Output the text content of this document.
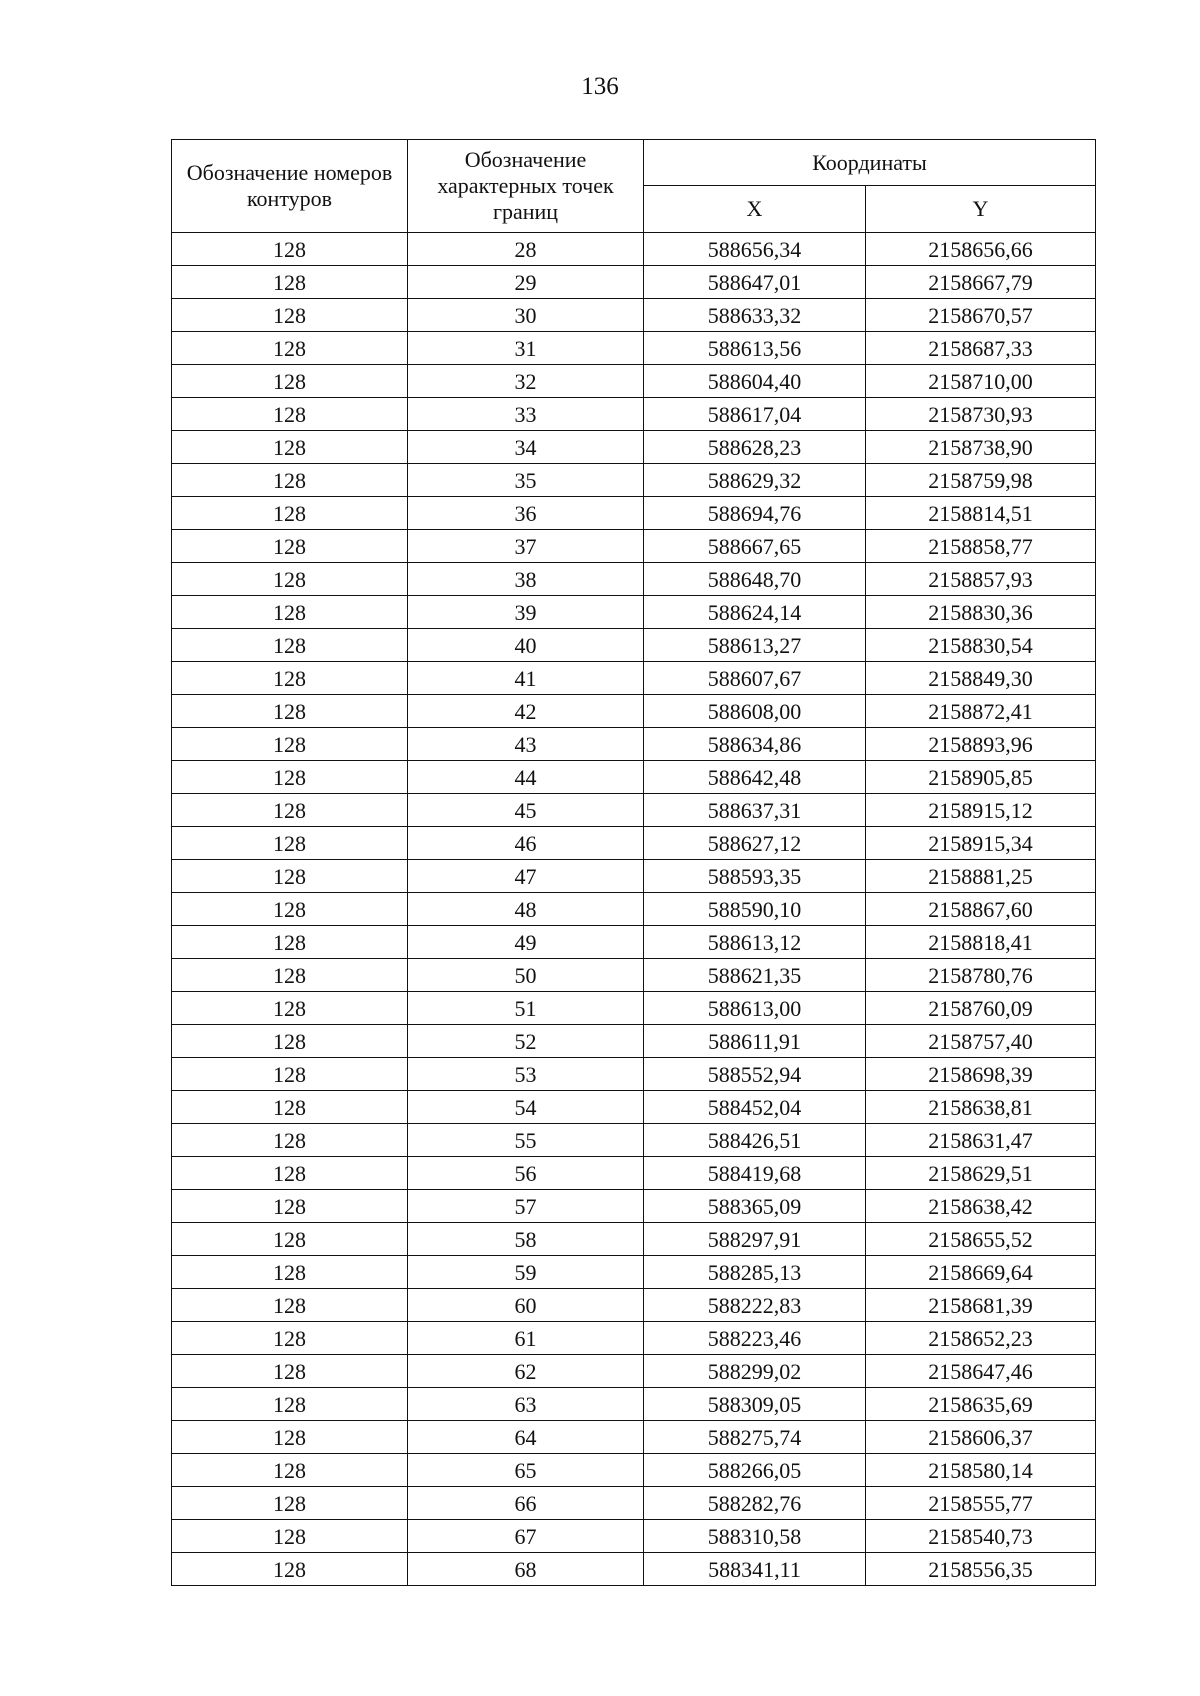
136
Обозначение номеров контуров	Обозначение характерных точек границ	Координаты	
		X	Y
128	28	588656,34	2158656,66
128	29	588647,01	2158667,79
128	30	588633,32	2158670,57
128	31	588613,56	2158687,33
128	32	588604,40	2158710,00
128	33	588617,04	2158730,93
128	34	588628,23	2158738,90
128	35	588629,32	2158759,98
128	36	588694,76	2158814,51
128	37	588667,65	2158858,77
128	38	588648,70	2158857,93
128	39	588624,14	2158830,36
128	40	588613,27	2158830,54
128	41	588607,67	2158849,30
128	42	588608,00	2158872,41
128	43	588634,86	2158893,96
128	44	588642,48	2158905,85
128	45	588637,31	2158915,12
128	46	588627,12	2158915,34
128	47	588593,35	2158881,25
128	48	588590,10	2158867,60
128	49	588613,12	2158818,41
128	50	588621,35	2158780,76
128	51	588613,00	2158760,09
128	52	588611,91	2158757,40
128	53	588552,94	2158698,39
128	54	588452,04	2158638,81
128	55	588426,51	2158631,47
128	56	588419,68	2158629,51
128	57	588365,09	2158638,42
128	58	588297,91	2158655,52
128	59	588285,13	2158669,64
128	60	588222,83	2158681,39
128	61	588223,46	2158652,23
128	62	588299,02	2158647,46
128	63	588309,05	2158635,69
128	64	588275,74	2158606,37
128	65	588266,05	2158580,14
128	66	588282,76	2158555,77
128	67	588310,58	2158540,73
128	68	588341,11	2158556,35
